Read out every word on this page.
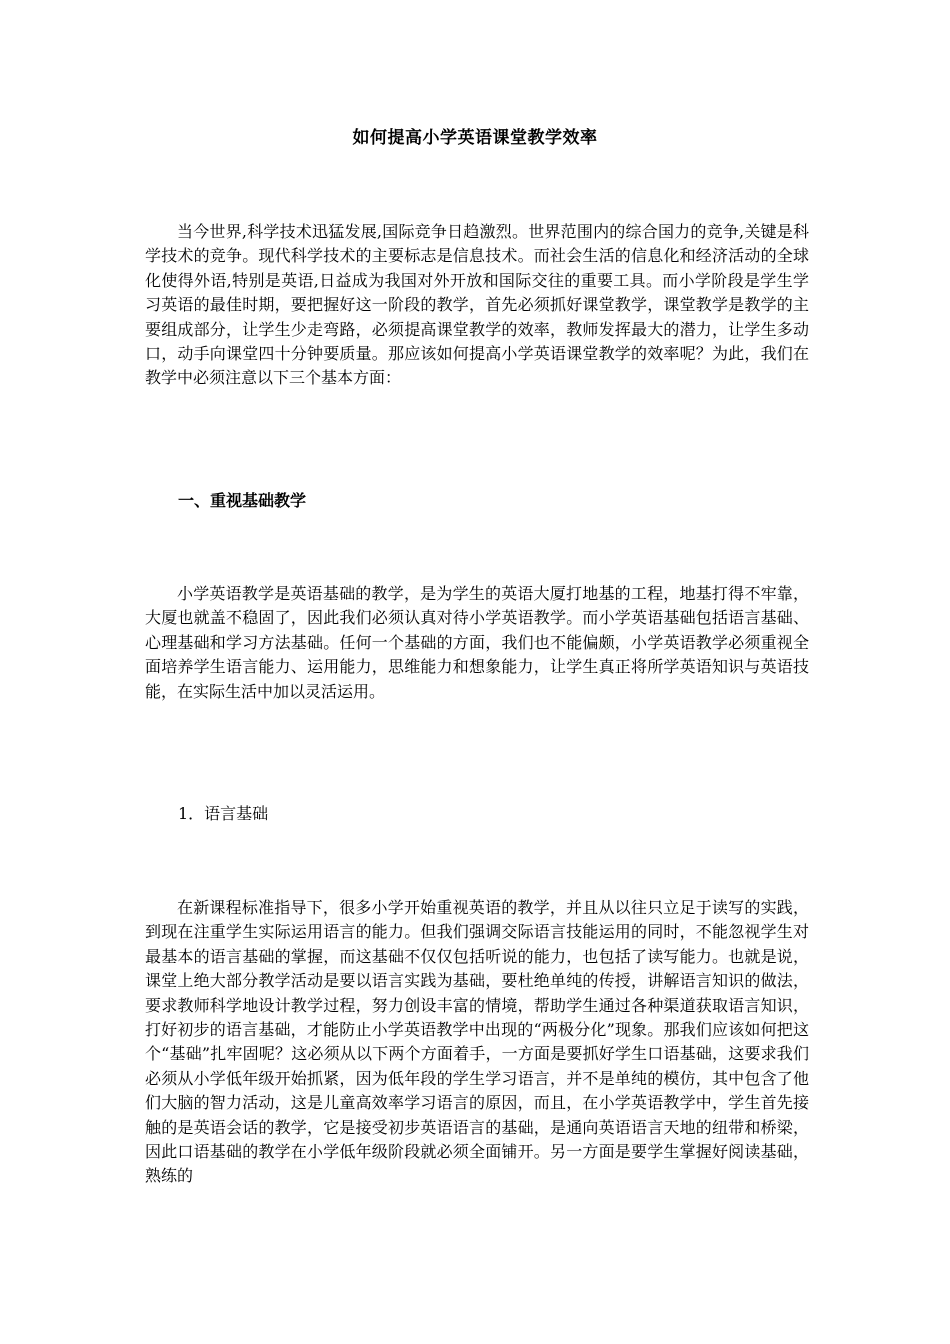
如何提高小学英语课堂教学效率

当今世界,科学技术迅猛发展,国际竞争日趋激烈。世界范围内的综合国力的竞争,关键是科学技术的竞争。现代科学技术的主要标志是信息技术。而社会生活的信息化和经济活动的全球化使得外语,特别是英语,日益成为我国对外开放和国际交往的重要工具。而小学阶段是学生学习英语的最佳时期，要把握好这一阶段的教学，首先必须抓好课堂教学，课堂教学是教学的主要组成部分，让学生少走弯路，必须提高课堂教学的效率，教师发挥最大的潜力，让学生多动口，动手向课堂四十分钟要质量。那应该如何提高小学英语课堂教学的效率呢？为此，我们在教学中必须注意以下三个基本方面：

一、重视基础教学

小学英语教学是英语基础的教学，是为学生的英语大厦打地基的工程，地基打得不牢靠，大厦也就盖不稳固了，因此我们必须认真对待小学英语教学。而小学英语基础包括语言基础、心理基础和学习方法基础。任何一个基础的方面，我们也不能偏颇，小学英语教学必须重视全面培养学生语言能力、运用能力，思维能力和想象能力，让学生真正将所学英语知识与英语技能，在实际生活中加以灵活运用。

1．语言基础

在新课程标准指导下，很多小学开始重视英语的教学，并且从以往只立足于读写的实践，到现在注重学生实际运用语言的能力。但我们强调交际语言技能运用的同时，不能忽视学生对最基本的语言基础的掌握，而这基础不仅仅包括听说的能力，也包括了读写能力。也就是说，课堂上绝大部分教学活动是要以语言实践为基础，要杜绝单纯的传授，讲解语言知识的做法，要求教师科学地设计教学过程，努力创设丰富的情境，帮助学生通过各种渠道获取语言知识，打好初步的语言基础，才能防止小学英语教学中出现的“两极分化”现象。那我们应该如何把这个“基础”扎牢固呢？这必须从以下两个方面着手，一方面是要抓好学生口语基础，这要求我们必须从小学低年级开始抓紧，因为低年段的学生学习语言，并不是单纯的模仿，其中包含了他们大脑的智力活动，这是儿童高效率学习语言的原因，而且，在小学英语教学中，学生首先接触的是英语会话的教学，它是接受初步英语语言的基础，是通向英语语言天地的纽带和桥梁，因此口语基础的教学在小学低年级阶段就必须全面铺开。另一方面是要学生掌握好阅读基础，熟练的
